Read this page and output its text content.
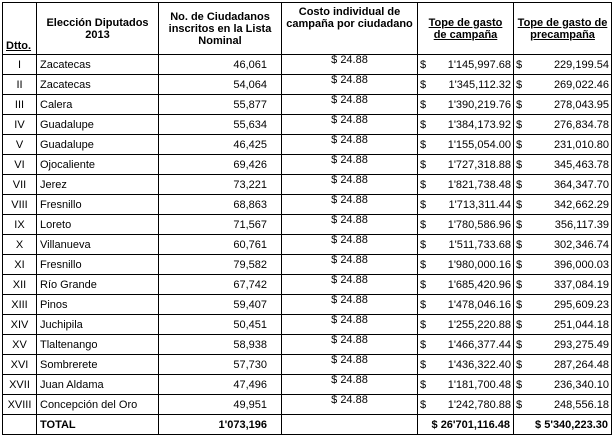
Dtto.	Elección Diputados 2013	No. de Ciudadanos inscritos en la Lista Nominal	Costo individual de campaña por ciudadano	Tope de gasto de campaña	Tope de gasto de precampaña
I	Zacatecas	46,061	$ 24.88	$ 1'145,997.68	$ 229,199.54

II	Zacatecas	54,064	$ 24.88	$ 1'345,112.32	$ 269,022.46

III	Calera	55,877	$ 24.88	$ 1'390,219.76	$ 278,043.95

IV	Guadalupe	55,634	$ 24.88	$ 1'384,173.92	$ 276,834.78

V	Guadalupe	46,425	$ 24.88	$ 1'155,054.00	$ 231,010.80

VI	Ojocaliente	69,426	$ 24.88	$ 1'727,318.88	$ 345,463.78

VII	Jerez	73,221	$ 24.88	$ 1'821,738.48	$ 364,347.70

VIII	Fresnillo	68,863	$ 24.88	$ 1'713,311.44	$ 342,662.29

IX	Loreto	71,567	$ 24.88	$ 1'780,586.96	$ 356,117.39

X	Villanueva	60,761	$ 24.88	$ 1'511,733.68	$ 302,346.74

XI	Fresnillo	79,582	$ 24.88	$ 1'980,000.16	$ 396,000.03

XII	Río Grande	67,742	$ 24.88	$ 1'685,420.96	$ 337,084.19

XIII	Pinos	59,407	$ 24.88	$ 1'478,046.16	$ 295,609.23

XIV	Juchipila	50,451	$ 24.88	$ 1'255,220.88	$ 251,044.18

XV	Tlaltenango	58,938	$ 24.88	$ 1'466,377.44	$ 293,275.49

XVI	Sombrerete	57,730	$ 24.88	$ 1'436,322.40	$ 287,264.48

XVII	Juan Aldama	47,496	$ 24.88	$ 1'181,700.48	$ 236,340.10

XVIII	Concepción del Oro	49,951	$ 24.88	$ 1'242,780.88	$ 248,556.18

	TOTAL	1'073,196		$ 26'701,116.48	$ 5'340,223.30
